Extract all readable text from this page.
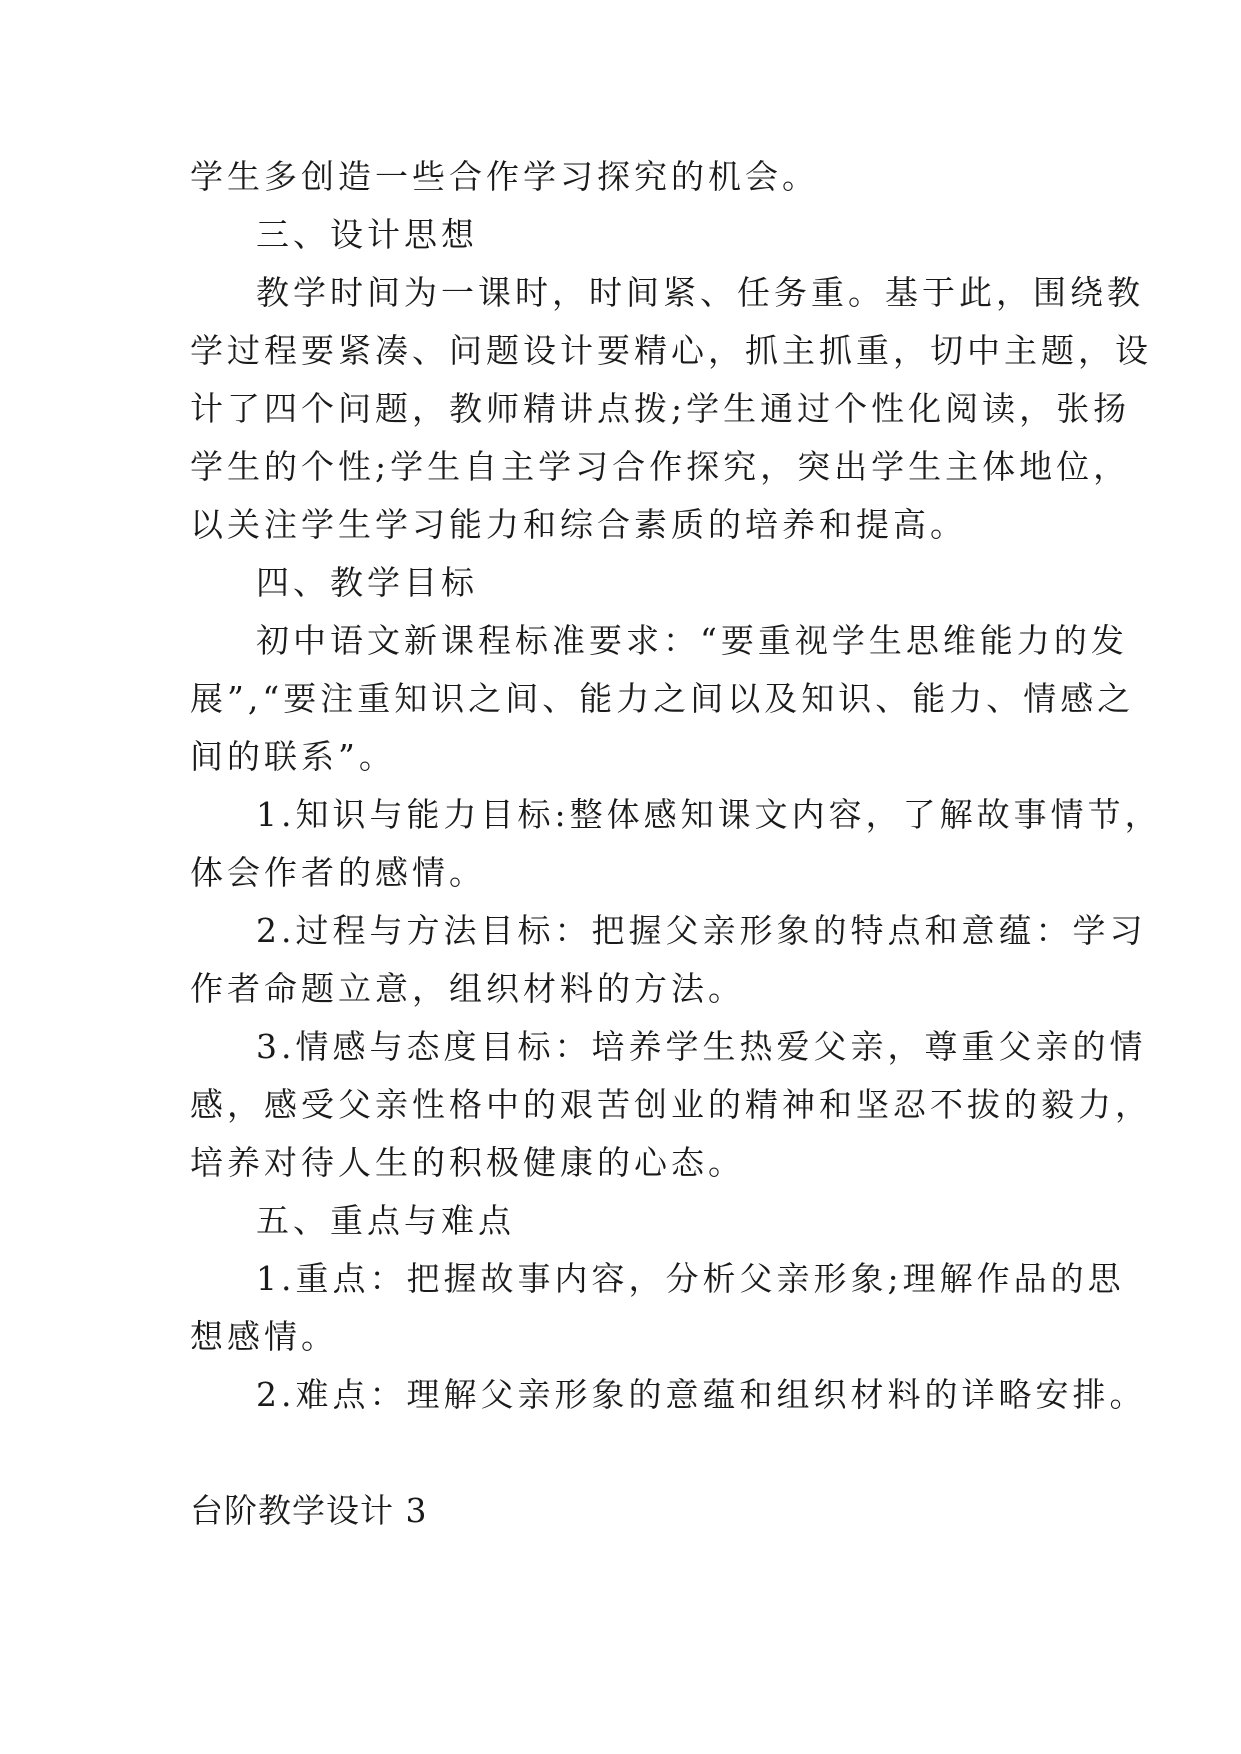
学生多创造一些合作学习探究的机会。
三、设计思想
教学时间为一课时，时间紧、任务重。基于此，围绕教
学过程要紧凑、问题设计要精心，抓主抓重，切中主题，设
计了四个问题，教师精讲点拨;学生通过个性化阅读，张扬
学生的个性;学生自主学习合作探究，突出学生主体地位，
以关注学生学习能力和综合素质的培养和提高。
四、教学目标
初中语文新课程标准要求：“要重视学生思维能力的发
展”,“要注重知识之间、能力之间以及知识、能力、情感之
间的联系”。
1.知识与能力目标:整体感知课文内容，了解故事情节，
体会作者的感情。
2.过程与方法目标：把握父亲形象的特点和意蕴：学习
作者命题立意，组织材料的方法。
3.情感与态度目标：培养学生热爱父亲，尊重父亲的情
感，感受父亲性格中的艰苦创业的精神和坚忍不拔的毅力，
培养对待人生的积极健康的心态。
五、重点与难点
1.重点：把握故事内容，分析父亲形象;理解作品的思
想感情。
2.难点：理解父亲形象的意蕴和组织材料的详略安排。
台阶教学设计 3
